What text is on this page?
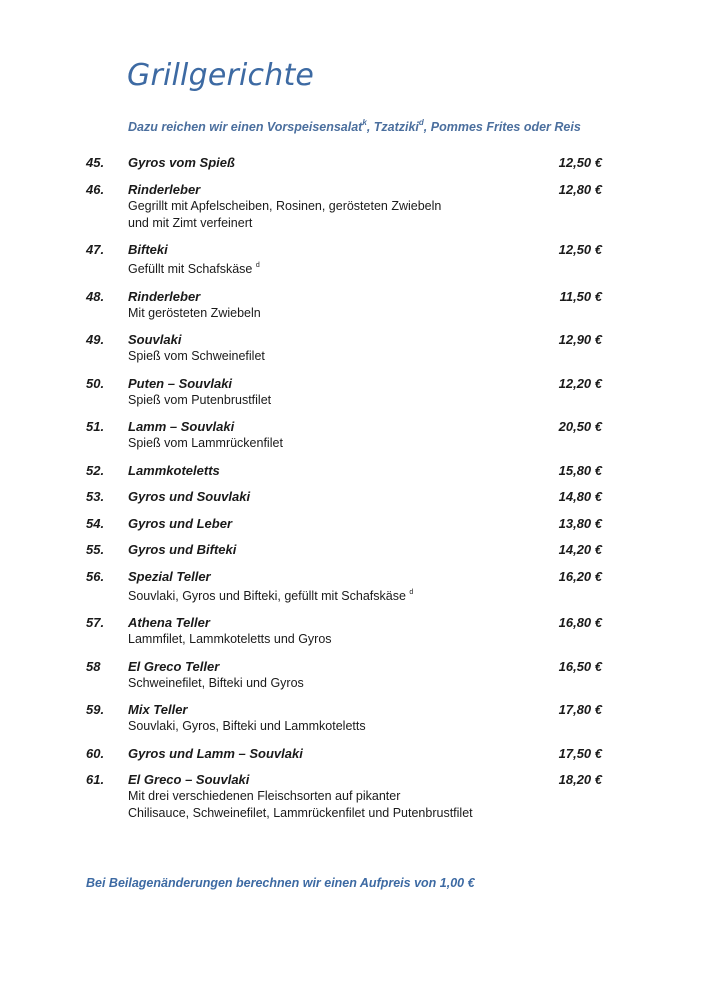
Grillgerichte

Dazu reichen wir einen Vorspeisensalat$^k$, Tzatziki$^d$, Pommes Frites oder Reis

45. Gyros vom Spieß	12,50 €
46. Rinderleber	12,80 €
Gegrillt mit Apfelscheiben, Rosinen, gerösteten Zwiebeln
und mit Zimt verfeinert
47. Bifteki	12,50 €
Gefüllt mit Schafskäse $^d$
48. Rinderleber	11,50 €
Mit gerösteten Zwiebeln
49. Souvlaki	12,90 €
Spieß vom Schweinefilet
50. Puten – Souvlaki	12,20 €
Spieß vom Putenbrustfilet
51. Lamm – Souvlaki	20,50 €
Spieß vom Lammrückenfilet
52. Lammkoteletts	15,80 €
53. Gyros und Souvlaki	14,80 €
54. Gyros und Leber	13,80 €
55. Gyros und Bifteki	14,20 €
56. Spezial Teller	16,20 €
Souvlaki, Gyros und Bifteki, gefüllt mit Schafskäse $^d$
57. Athena Teller	16,80 €
Lammfilet, Lammkoteletts und Gyros
58 El Greco Teller	16,50 €
Schweinefilet, Bifteki und Gyros
59. Mix Teller	17,80 €
Souvlaki, Gyros, Bifteki und Lammkoteletts
60. Gyros und Lamm – Souvlaki	17,50 €
61. El Greco – Souvlaki	18,20 €
Mit drei verschiedenen Fleischsorten auf pikanter
Chilisauce, Schweinefilet, Lammrückenfilet und Putenbrustfilet

Bei Beilagenänderungen berechnen wir einen Aufpreis von 1,00 €
